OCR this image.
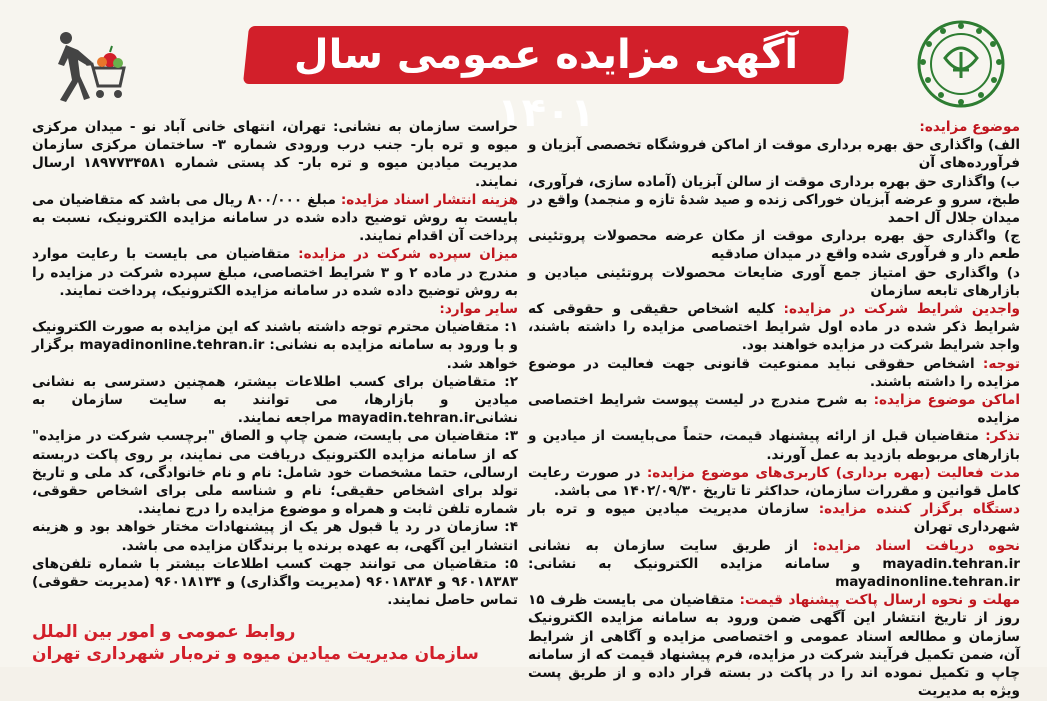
آگهی مزایده عمومی سال ۱۴۰۱	موضوع مزایده:

الف) واگذاری حق بهره برداری موقت از اماکن فروشگاه تخصصی آبزیان و فرآورده‌های آن

ب) واگذاری حق بهره برداری موقت از سالن آبزیان (آماده سازی، فرآوری، طبخ، سرو و عرضه آبزیان خوراکی زنده و صید شدهٔ تازه و منجمد) واقع در میدان جلال آل احمد

ج) واگذاری حق بهره برداری موقت از مکان عرضه محصولات پروتئینی طعم دار و فرآوری شده واقع در میدان صادقیه

د) واگذاری حق امتیاز جمع آوری ضایعات محصولات پروتئینی میادین و بازارهای تابعه سازمان

واجدین شرایط شرکت در مزایده: کلیه اشخاص حقیقی و حقوقی که شرایط ذکر شده در ماده اول شرایط اختصاصی مزایده را داشته باشند، واجد شرایط شرکت در مزایده خواهند بود.

توجه: اشخاص حقوقی نباید ممنوعیت قانونی جهت فعالیت در موضوع مزایده را داشته باشند.

اماکن موضوع مزایده: به شرح مندرج در لیست پیوست شرایط اختصاصی مزایده

تذکر: متقاضیان قبل از ارائه پیشنهاد قیمت، حتماً می‌بایست از میادین و بازارهای مربوطه بازدید به عمل آورند.

مدت فعالیت (بهره برداری) کاربری‌های موضوع مزایده: در صورت رعایت کامل قوانین و مقررات سازمان، حداکثر تا تاریخ ۱۴۰۲/۰۹/۳۰ می باشد.

دستگاه برگزار کننده مزایده: سازمان مدیریت میادین میوه و تره بار شهرداری تهران

نحوه دریافت اسناد مزایده: از طریق سایت سازمان به نشانی mayadin.tehran.ir و سامانه مزایده الکترونیک به نشانی: mayadinonline.tehran.ir

مهلت و نحوه ارسال پاکت پیشنهاد قیمت: متقاضیان می بایست ظرف ۱۵ روز از تاریخ انتشار این آگهی ضمن ورود به سامانه مزایده الکترونیک سازمان و مطالعه اسناد عمومی و اختصاصی مزایده و آگاهی از شرایط آن، ضمن تکمیل فرآیند شرکت در مزایده، فرم پیشنهاد قیمت که از سامانه چاپ و تکمیل نموده اند را در پاکت در بسته قرار داده و از طریق پست ویژه به مدیریت

حراست سازمان به نشانی: تهران، انتهای خانی آباد نو - میدان مرکزی میوه و تره بار- جنب درب ورودی شماره ۳- ساختمان مرکزی سازمان مدیریت میادین میوه و تره بار- کد پستی شماره ۱۸۹۷۷۳۴۵۸۱ ارسال نمایند.

هزینه انتشار اسناد مزایده: مبلغ ۸۰۰/۰۰۰ ریال می باشد که متقاضیان می بایست به روش توضیح داده شده در سامانه مزایده الکترونیک، نسبت به پرداخت آن اقدام نمایند.

میزان سپرده شرکت در مزایده: متقاضیان می بایست با رعایت موارد مندرج در ماده ۲ و ۳ شرایط اختصاصی، مبلغ سپرده شرکت در مزایده را به روش توضیح داده شده در سامانه مزایده الکترونیک، پرداخت نمایند.

سایر موارد:

۱: متقاضیان محترم توجه داشته باشند که این مزایده به صورت الکترونیک و با ورود به سامانه مزایده به نشانی: mayadinonline.tehran.ir برگزار خواهد شد.

۲: متقاضیان برای کسب اطلاعات بیشتر، همچنین دسترسی به نشانی میادین و بازارها، می توانند به سایت سازمان به نشانیmayadin.tehran.ir مراجعه نمایند.

۳: متقاضیان می بایست، ضمن چاپ و الصاق "برچسب شرکت در مزایده" که از سامانه مزایده الکترونیک دریافت می نمایند، بر روی پاکت دربسته ارسالی، حتما مشخصات خود شامل: نام و نام خانوادگی، کد ملی و تاریخ تولد برای اشخاص حقیقی؛ نام و شناسه ملی برای اشخاص حقوقی، شماره تلفن ثابت و همراه و موضوع مزایده را درج نمایند.

۴: سازمان در رد یا قبول هر یک از پیشنهادات مختار خواهد بود و هزینه انتشار این آگهی، به عهده برنده یا برندگان مزایده می باشد.

۵: متقاضیان می توانند جهت کسب اطلاعات بیشتر با شماره تلفن‌های ۹۶۰۱۸۳۸۳ و ۹۶۰۱۸۳۸۴ (مدیریت واگذاری) و ۹۶۰۱۸۱۳۴ (مدیریت حقوقی) تماس حاصل نمایند.

روابط عمومی و امور بین الملل
سازمان مدیریت میادین میوه و تره‌بار شهرداری تهران
